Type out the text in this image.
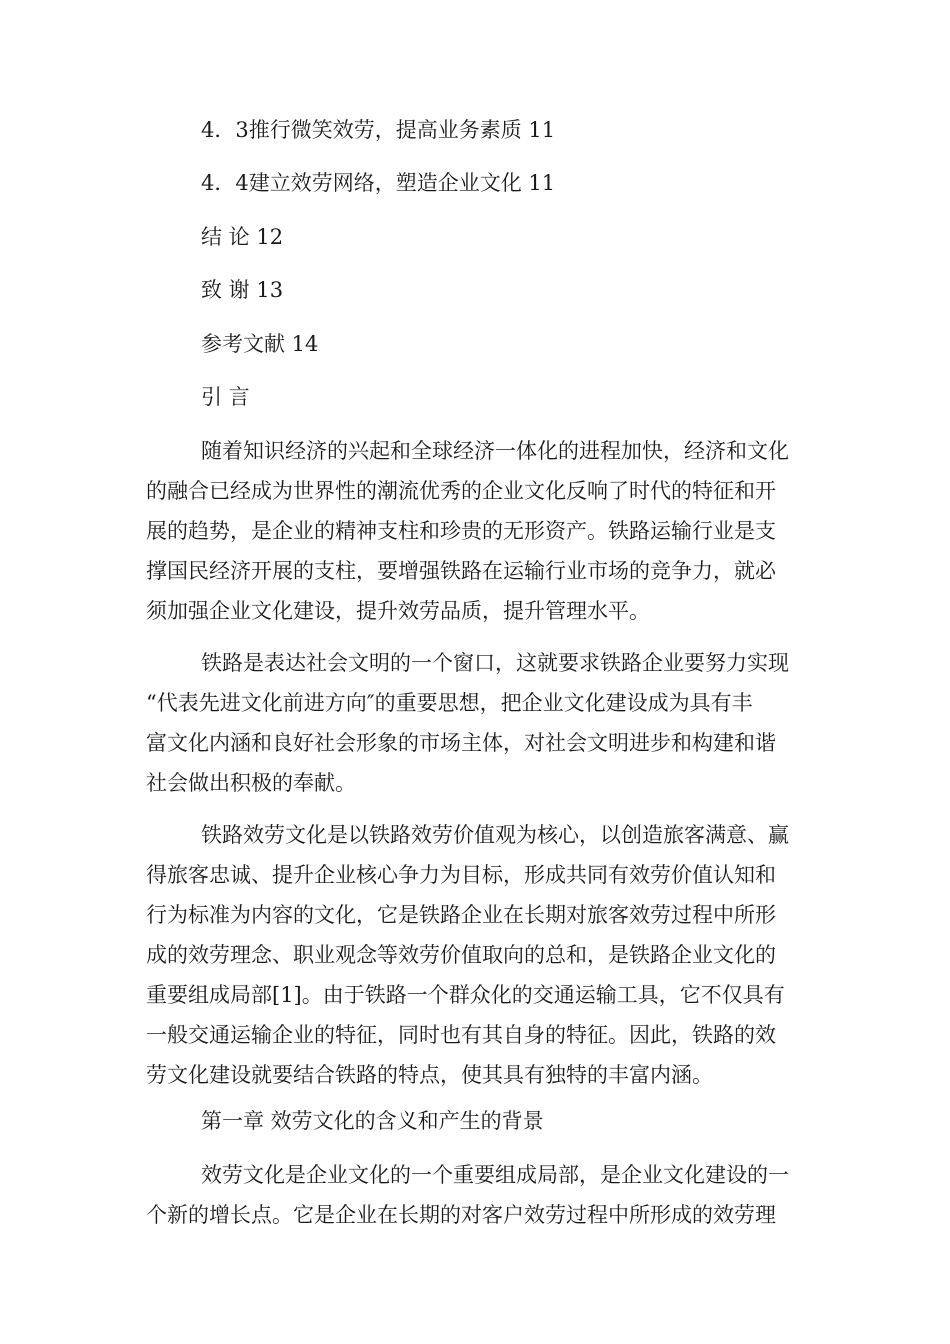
4．3推行微笑效劳，提高业务素质 11
4．4建立效劳网络，塑造企业文化 11
结 论 12
致 谢 13
参考文献 14
引 言
随着知识经济的兴起和全球经济一体化的进程加快，经济和文化
的融合已经成为世界性的潮流优秀的企业文化反响了时代的特征和开
展的趋势，是企业的精神支柱和珍贵的无形资产。铁路运输行业是支
撑国民经济开展的支柱，要增强铁路在运输行业市场的竞争力，就必
须加强企业文化建设，提升效劳品质，提升管理水平。
铁路是表达社会文明的一个窗口，这就要求铁路企业要努力实现
“代表先进文化前进方向″的重要思想，把企业文化建设成为具有丰
富文化内涵和良好社会形象的市场主体，对社会文明进步和构建和谐
社会做出积极的奉献。
铁路效劳文化是以铁路效劳价值观为核心，以创造旅客满意、赢
得旅客忠诚、提升企业核心争力为目标，形成共同有效劳价值认知和
行为标准为内容的文化，它是铁路企业在长期对旅客效劳过程中所形
成的效劳理念、职业观念等效劳价值取向的总和，是铁路企业文化的
重要组成局部[1]。由于铁路一个群众化的交通运输工具，它不仅具有
一般交通运输企业的特征，同时也有其自身的特征。因此，铁路的效
劳文化建设就要结合铁路的特点，使其具有独特的丰富内涵。
第一章 效劳文化的含义和产生的背景
效劳文化是企业文化的一个重要组成局部，是企业文化建设的一
个新的增长点。它是企业在长期的对客户效劳过程中所形成的效劳理
